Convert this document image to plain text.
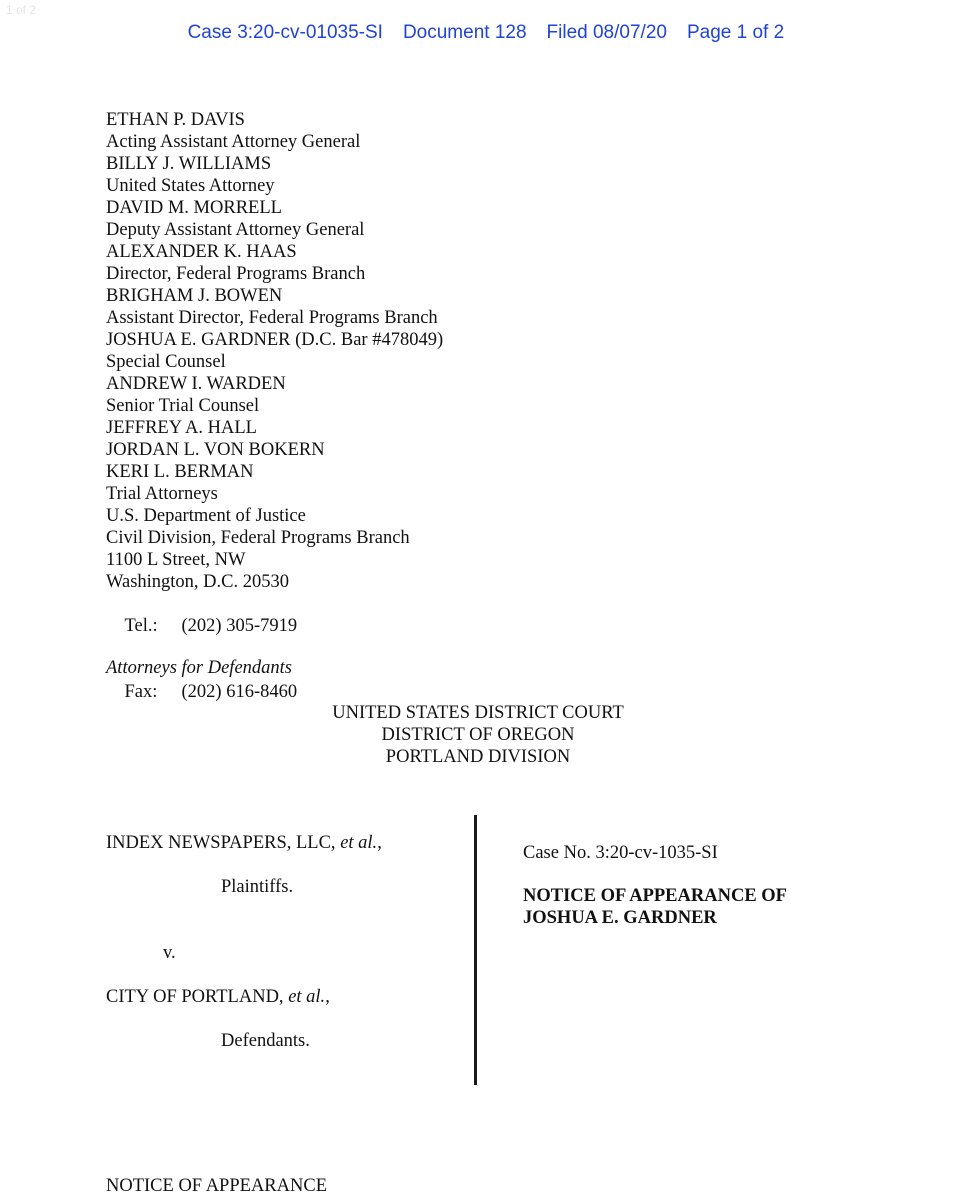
1 of 2

Case 3:20-cv-01035-SI Document 128 Filed 08/07/20 Page 1 of 2

ETHAN P. DAVIS
Acting Assistant Attorney General
BILLY J. WILLIAMS
United States Attorney
DAVID M. MORRELL
Deputy Assistant Attorney General
ALEXANDER K. HAAS
Director, Federal Programs Branch
BRIGHAM J. BOWEN
Assistant Director, Federal Programs Branch
JOSHUA E. GARDNER (D.C. Bar #478049)
Special Counsel
ANDREW I. WARDEN
Senior Trial Counsel
JEFFREY A. HALL
JORDAN L. VON BOKERN
KERI L. BERMAN
Trial Attorneys
U.S. Department of Justice
Civil Division, Federal Programs Branch
1100 L Street, NW
Washington, D.C. 20530

Tel.: (202) 305-7919

Fax: (202) 616-8460

Attorneys for Defendants
UNITED STATES DISTRICT COURT
DISTRICT OF OREGON
PORTLAND DIVISION
INDEX NEWSPAPERS, LLC, et al.,
Plaintiffs.
v.
CITY OF PORTLAND, et al.,
Defendants.
Case No. 3:20-cv-1035-SI
NOTICE OF APPEARANCE OF
JOSHUA E. GARDNER
NOTICE OF APPEARANCE
